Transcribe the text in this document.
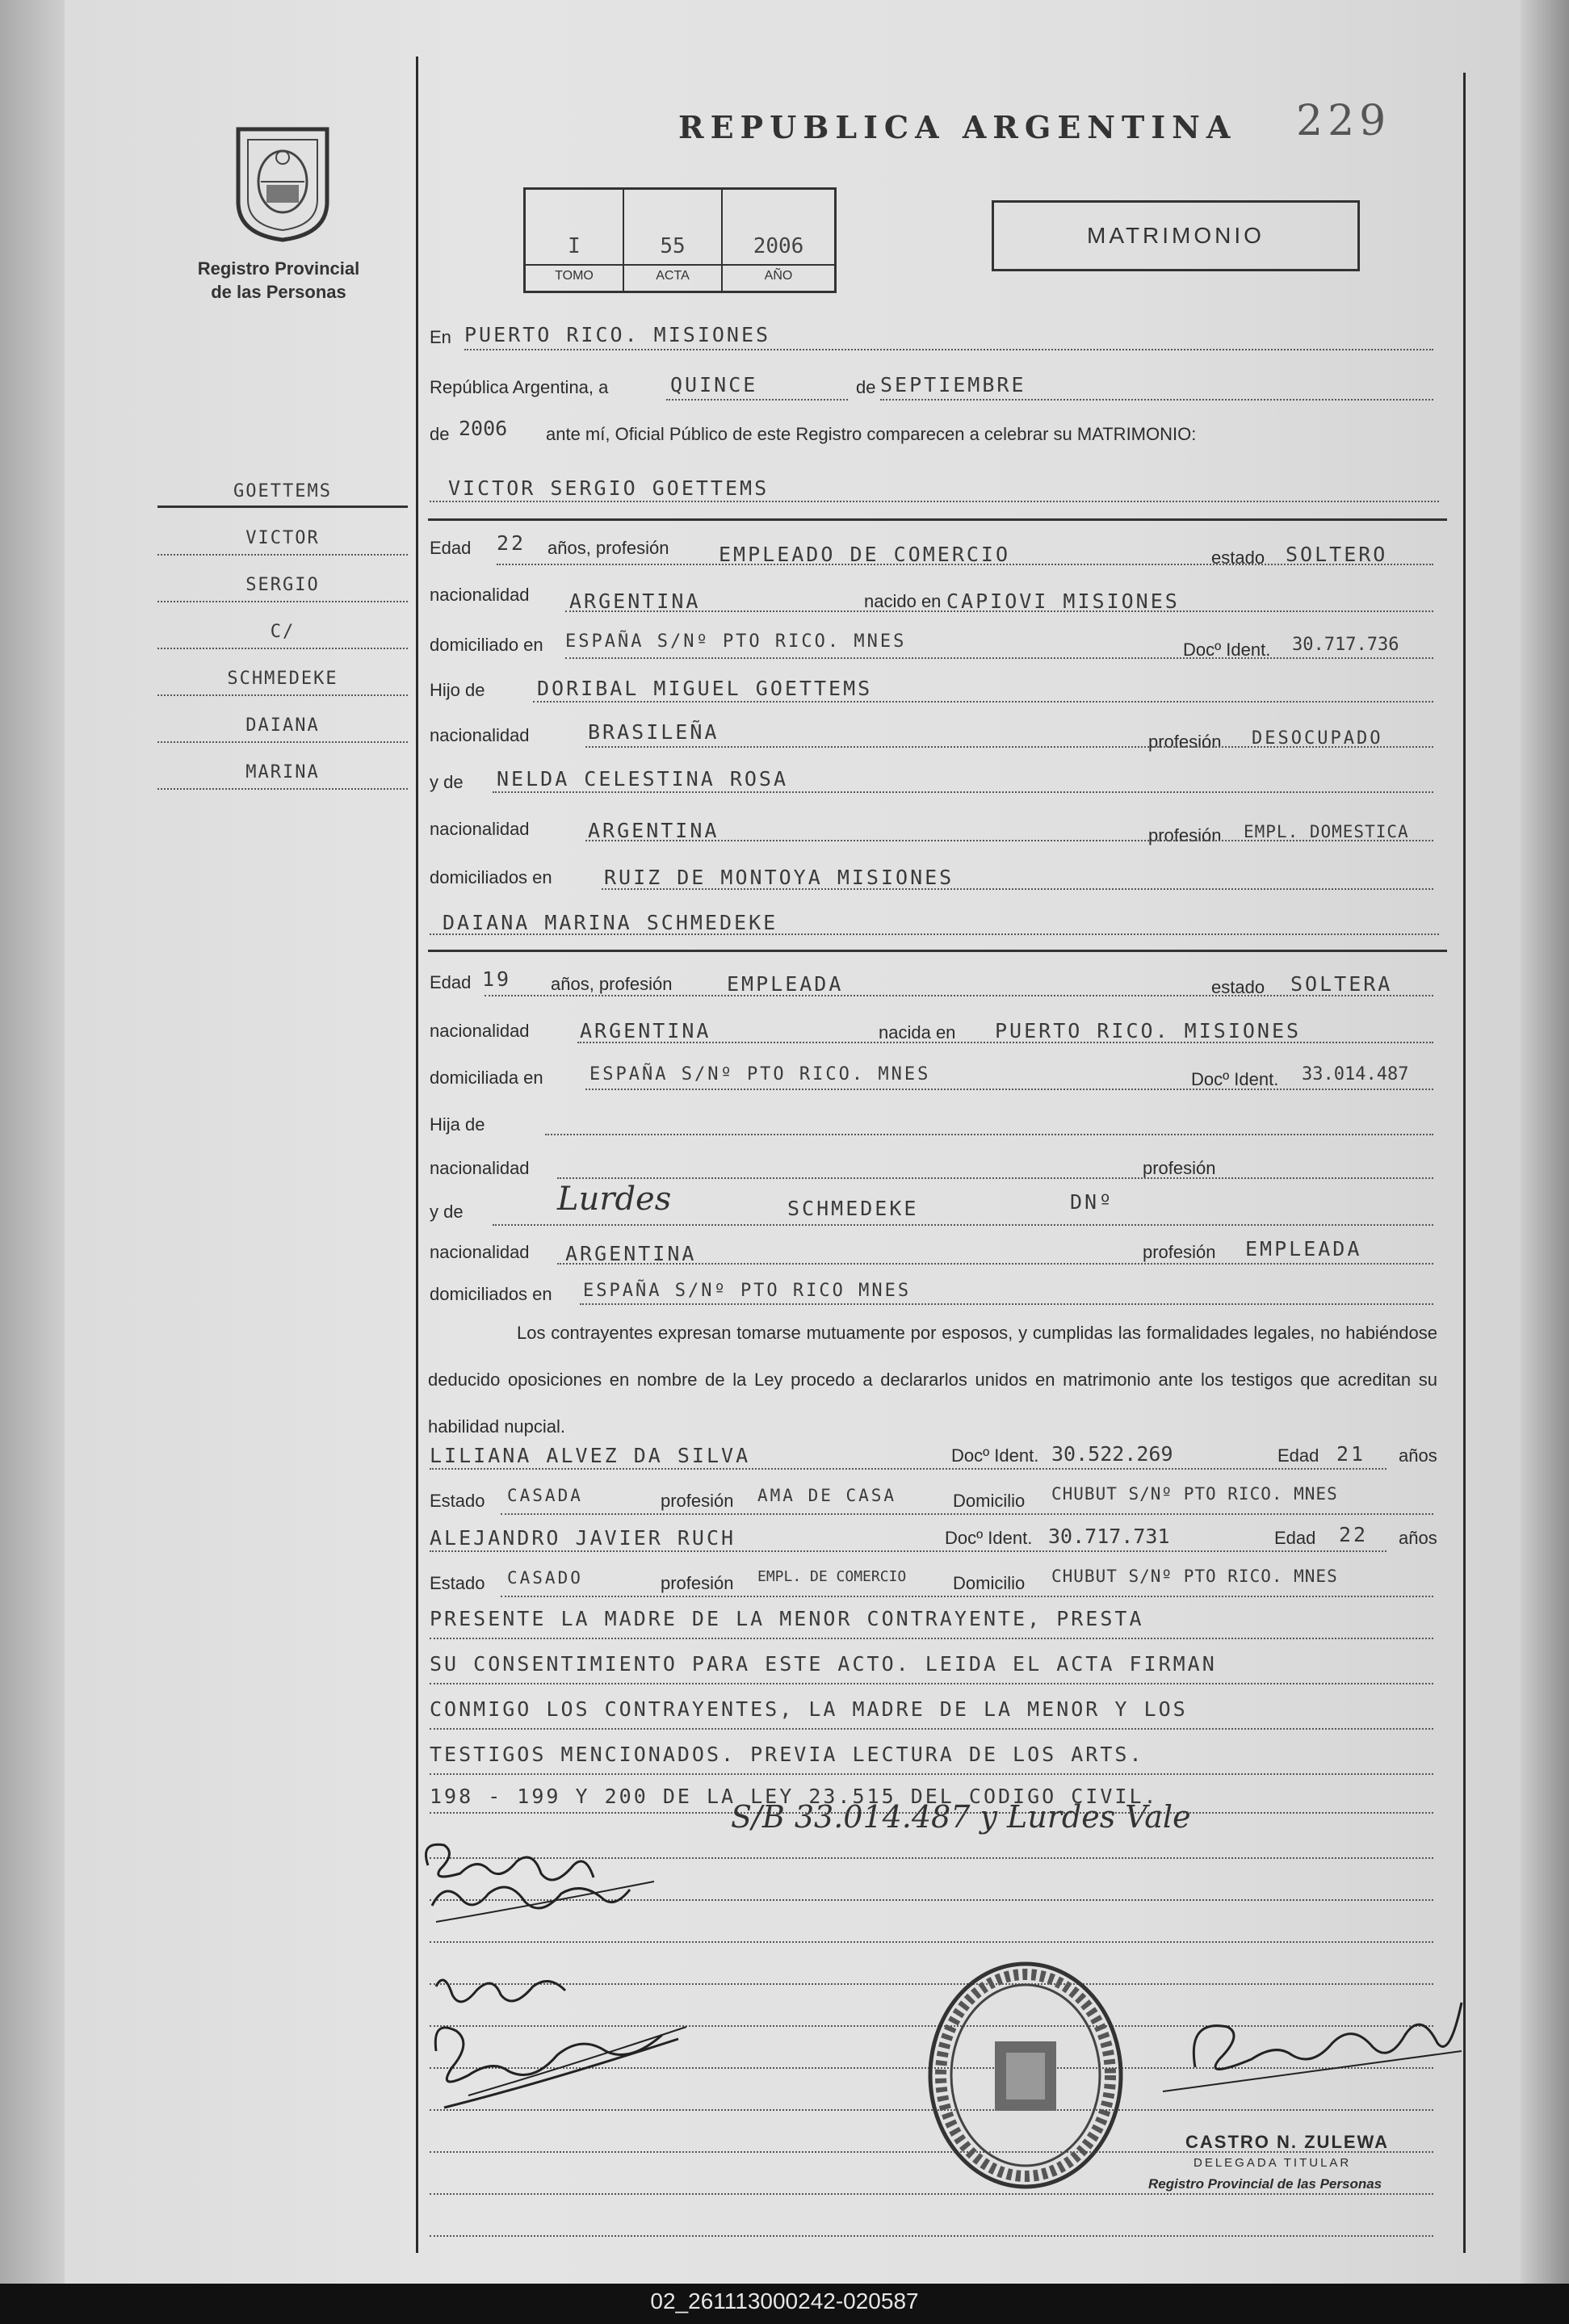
REPUBLICA ARGENTINA 229
Registro Provincial
de las Personas
I	55	2006
TOMO	ACTA	AÑO
MATRIMONIO
GOETTEMS
VICTOR
SERGIO
C/
SCHMEDEKE
DAIANA
MARINA
En PUERTO RICO. MISIONES
República Argentina, a	QUINCE	de SEPTIEMBRE
de 2006 ante mí, Oficial Público de este Registro comparecen a celebrar su MATRIMONIO:
VICTOR SERGIO GOETTEMS
Edad 22 años, profesión EMPLEADO DE COMERCIO	estado SOLTERO
nacionalidad ARGENTINA	nacido en CAPIOVI MISIONES
domiciliado en ESPAÑA S/Nº PTO RICO. MNES	Docº Ident. 30.717.736
Hijo de	DORIBAL MIGUEL GOETTEMS
nacionalidad	BRASILEÑA	profesión DESOCUPADO
y de NELDA CELESTINA ROSA
nacionalidad	ARGENTINA	profesión EMPL. DOMESTICA
domiciliados en	RUIZ DE MONTOYA MISIONES
DAIANA MARINA SCHMEDEKE
Edad 19 años, profesión	EMPLEADA	estado SOLTERA
nacionalidad ARGENTINA	nacida en PUERTO RICO. MISIONES
domiciliada en	ESPAÑA S/Nº PTO RICO. MNES	Docº Ident. 33.014.487
Hija de
nacionalidad	profesión
y de	Lurdes	SCHMEDEKE	DNº
nacionalidad ARGENTINA	profesión EMPLEADA
domiciliados en ESPAÑA S/Nº PTO RICO MNES
Los contrayentes expresan tomarse mutuamente por esposos, y cumplidas las formalidades legales, no habiéndose deducido oposiciones en nombre de la Ley procedo a declararlos unidos en matrimonio ante los testigos que acreditan su habilidad nupcial.
LILIANA ALVEZ DA SILVA	Docº Ident. 30.522.269	Edad 21 años
Estado CASADA	profesión AMA DE CASA	Domicilio CHUBUT S/Nº PTO RICO. MNES
ALEJANDRO JAVIER RUCH	Docº Ident. 30.717.731	Edad 22 años
Estado CASADO	profesión EMPL. DE COMERCIO	Domicilio CHUBUT S/Nº PTO RICO. MNES
PRESENTE LA MADRE DE LA MENOR CONTRAYENTE, PRESTA
SU CONSENTIMIENTO PARA ESTE ACTO. LEIDA EL ACTA FIRMAN
CONMIGO LOS CONTRAYENTES, LA MADRE DE LA MENOR Y LOS
TESTIGOS MENCIONADOS. PREVIA LECTURA DE LOS ARTS.
198 - 199 Y 200 DE LA LEY 23.515 DEL CODIGO CIVIL.
S/B 33.014.487 y Lurdes Vale
CASTRO N. ZULEWA
DELEGADA TITULAR
Registro Provincial de las Personas
02_261113000242-020587
